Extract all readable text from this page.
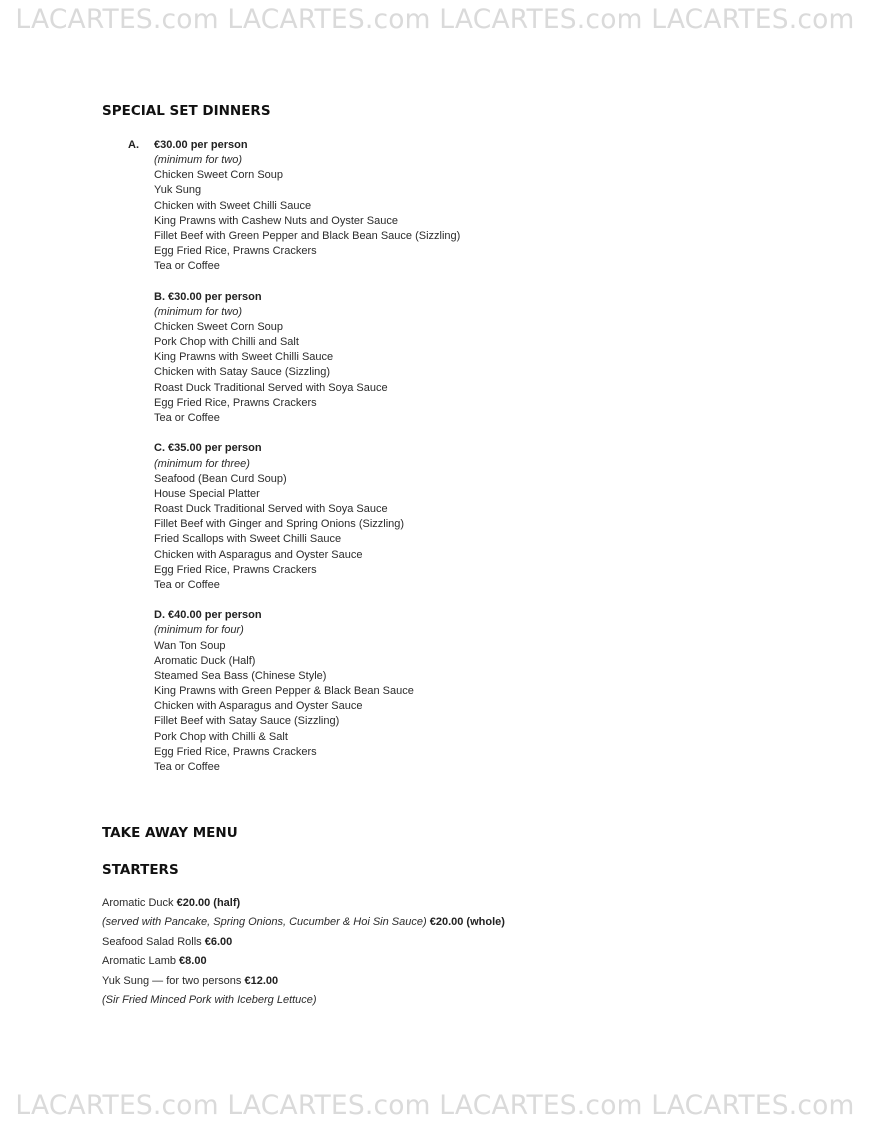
LACARTES.com LACARTES.com LACARTES.com LACARTES.com
SPECIAL SET DINNERS
A. €30.00 per person
(minimum for two)
Chicken Sweet Corn Soup
Yuk Sung
Chicken with Sweet Chilli Sauce
King Prawns with Cashew Nuts and Oyster Sauce
Fillet Beef with Green Pepper and Black Bean Sauce (Sizzling)
Egg Fried Rice, Prawns Crackers
Tea or Coffee
B. €30.00 per person
(minimum for two)
Chicken Sweet Corn Soup
Pork Chop with Chilli and Salt
King Prawns with Sweet Chilli Sauce
Chicken with Satay Sauce (Sizzling)
Roast Duck Traditional Served with Soya Sauce
Egg Fried Rice, Prawns Crackers
Tea or Coffee
C. €35.00 per person
(minimum for three)
Seafood (Bean Curd Soup)
House Special Platter
Roast Duck Traditional Served with Soya Sauce
Fillet Beef with Ginger and Spring Onions (Sizzling)
Fried Scallops with Sweet Chilli Sauce
Chicken with Asparagus and Oyster Sauce
Egg Fried Rice, Prawns Crackers
Tea or Coffee
D. €40.00 per person
(minimum for four)
Wan Ton Soup
Aromatic Duck (Half)
Steamed Sea Bass (Chinese Style)
King Prawns with Green Pepper & Black Bean Sauce
Chicken with Asparagus and Oyster Sauce
Fillet Beef with Satay Sauce (Sizzling)
Pork Chop with Chilli & Salt
Egg Fried Rice, Prawns Crackers
Tea or Coffee
TAKE AWAY MENU
STARTERS
Aromatic Duck €20.00 (half)
(served with Pancake, Spring Onions, Cucumber & Hoi Sin Sauce) €20.00 (whole)
Seafood Salad Rolls €6.00
Aromatic Lamb €8.00
Yuk Sung — for two persons €12.00
(Sir Fried Minced Pork with Iceberg Lettuce)
LACARTES.com LACARTES.com LACARTES.com LACARTES.com
